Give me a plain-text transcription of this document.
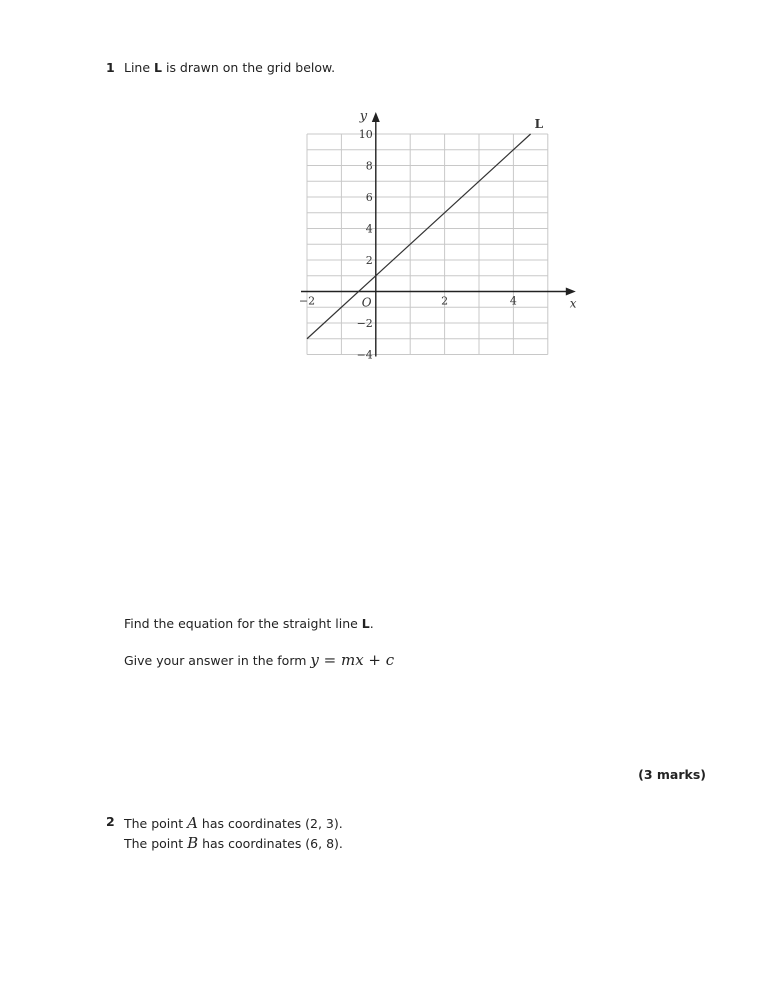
1 Line L is drawn on the grid below.
x
y
O
−2	2	4
−4
−2
2
4
6
8
10
L
Find the equation for the straight line L.
Give your answer in the form y = mx + c
(3 marks)
2 The point A has coordinates (2, 3).
The point B has coordinates (6, 8).
